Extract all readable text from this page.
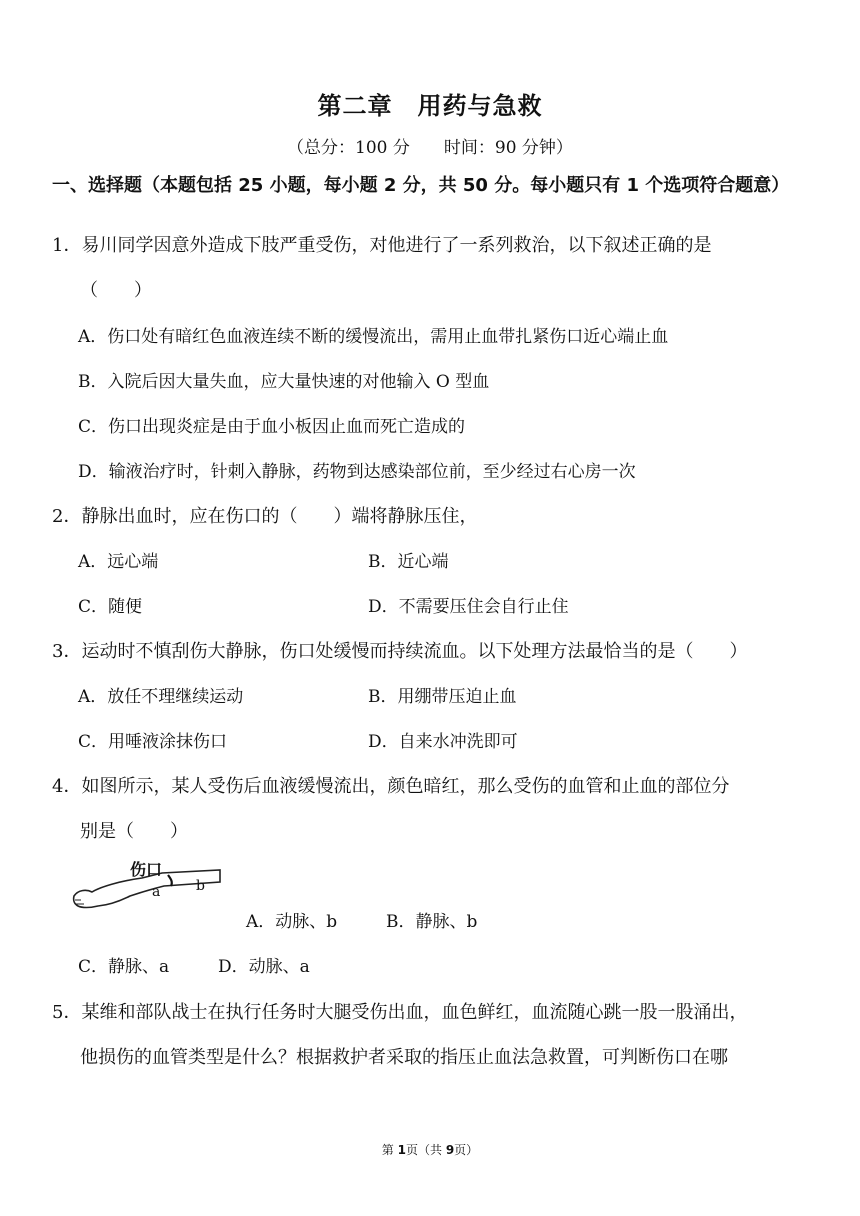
第二章　用药与急救
（总分：100 分　　时间：90 分钟）
一、选择题（本题包括 25 小题，每小题 2 分，共 50 分。每小题只有 1 个选项符合题意）
1．易川同学因意外造成下肢严重受伤，对他进行了一系列救治，以下叙述正确的是
（　　）
A．伤口处有暗红色血液连续不断的缓慢流出，需用止血带扎紧伤口近心端止血
B．入院后因大量失血，应大量快速的对他输入 O 型血
C．伤口出现炎症是由于血小板因止血而死亡造成的
D．输液治疗时，针刺入静脉，药物到达感染部位前，至少经过右心房一次
2．静脉出血时，应在伤口的（　　）端将静脉压住，
A．远心端	B．近心端
C．随便	D．不需要压住会自行止住
3．运动时不慎刮伤大静脉，伤口处缓慢而持续流血。以下处理方法最恰当的是（　　）
A．放任不理继续运动	B．用绷带压迫止血
C．用唾液涂抹伤口	D．自来水冲洗即可
4．如图所示，某人受伤后血液缓慢流出，颜色暗红，那么受伤的血管和止血的部位分
别是（　　）
伤口
a	b
A．动脉、b	B．静脉、b
C．静脉、a	D．动脉、a
5．某维和部队战士在执行任务时大腿受伤出血，血色鲜红，血流随心跳一股一股涌出，
他损伤的血管类型是什么？根据救护者采取的指压止血法急救置，可判断伤口在哪
第 1页（共 9页）
